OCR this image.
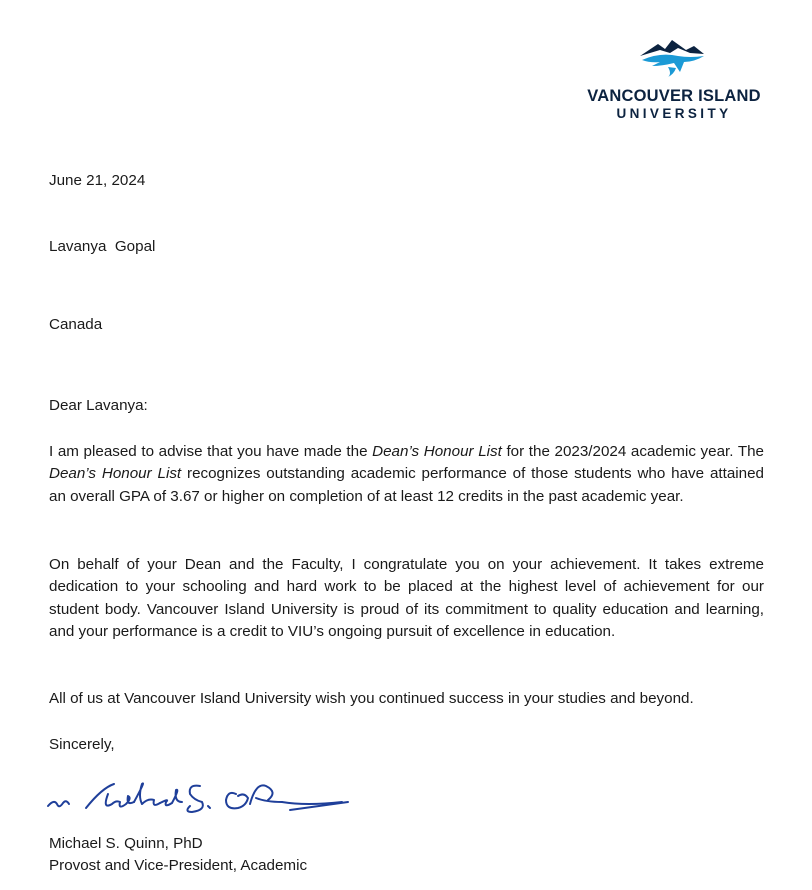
VANCOUVER ISLAND
UNIVERSITY
June 21, 2024
Lavanya  Gopal
Canada
Dear Lavanya:
I am pleased to advise that you have made the Dean’s Honour List for the 2023/2024 academic year. The Dean’s Honour List recognizes outstanding academic performance of those students who have attained an overall GPA of 3.67 or higher on completion of at least 12 credits in the past academic year.
On behalf of your Dean and the Faculty, I congratulate you on your achievement. It takes extreme dedication to your schooling and hard work to be placed at the highest level of achievement for our student body. Vancouver Island University is proud of its commitment to quality education and learning, and your performance is a credit to VIU’s ongoing pursuit of excellence in education.
All of us at Vancouver Island University wish you continued success in your studies and beyond.
Sincerely,
Michael S. Quinn, PhD
Provost and Vice-President, Academic
